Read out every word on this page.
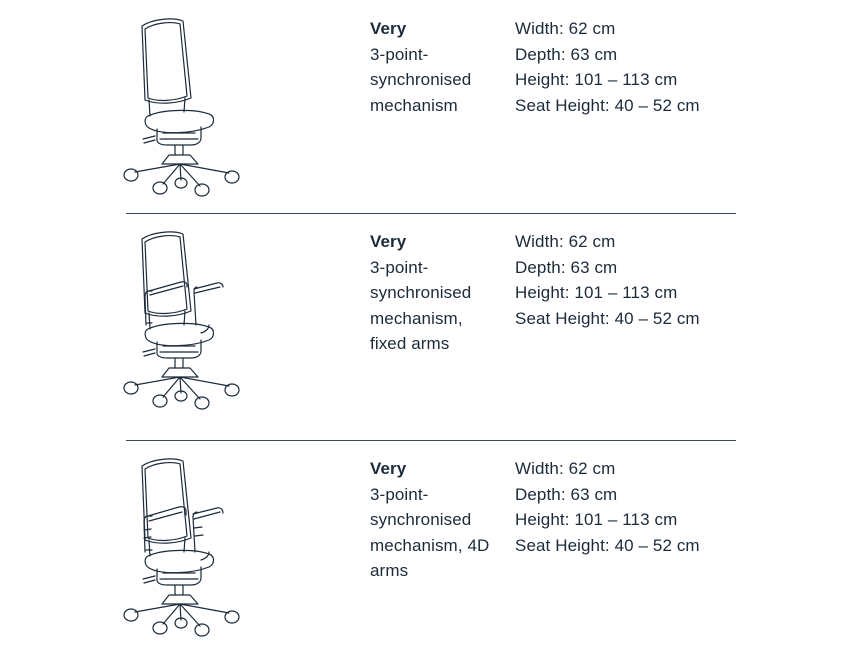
Very
3-point-synchronised mechanism
Width: 62 cm
Depth: 63 cm
Height: 101 – 113 cm
Seat Height: 40 – 52 cm
Very
3-point-synchronised mechanism, fixed arms
Width: 62 cm
Depth: 63 cm
Height: 101 – 113 cm
Seat Height: 40 – 52 cm
Very
3-point-synchronised mechanism, 4D arms
Width: 62 cm
Depth: 63 cm
Height: 101 – 113 cm
Seat Height: 40 – 52 cm
